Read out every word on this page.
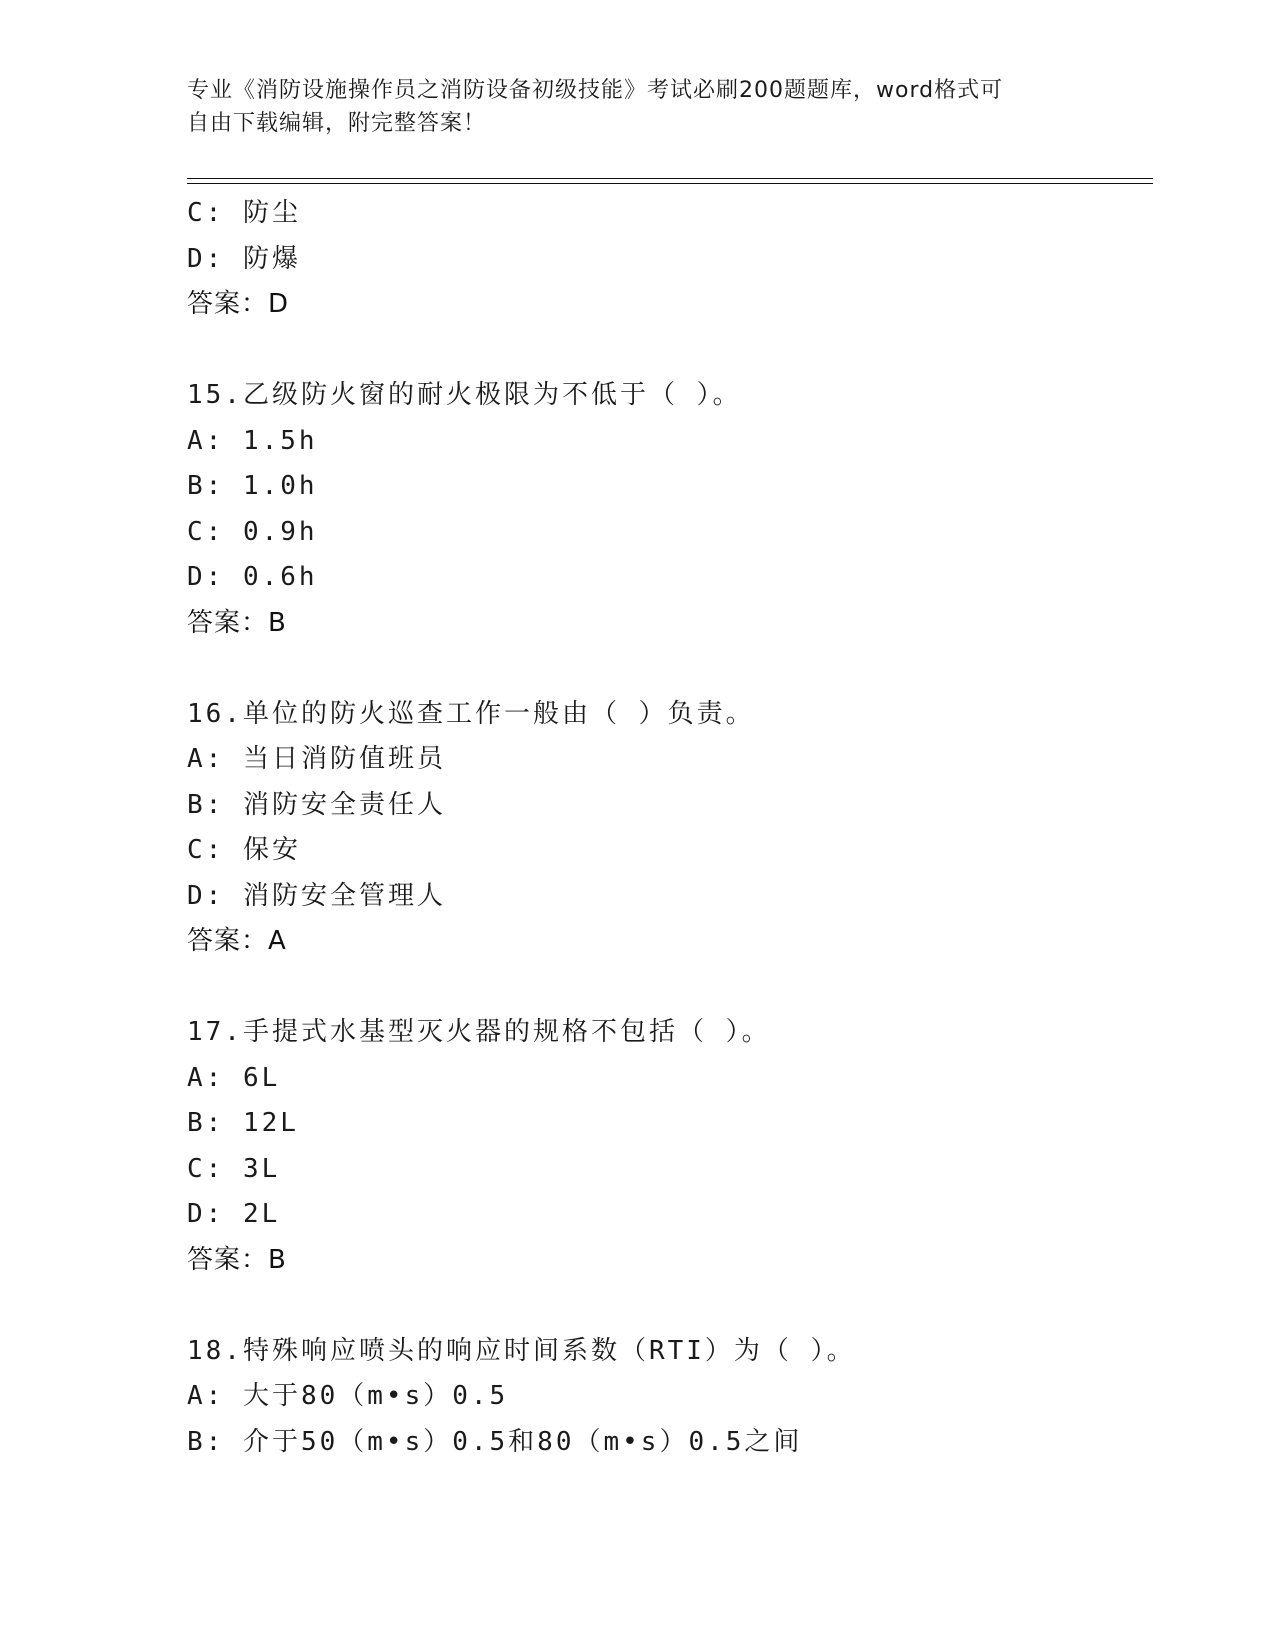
专业《消防设施操作员之消防设备初级技能》考试必刷200题题库，word格式可
自由下载编辑，附完整答案！
C: 防尘
D: 防爆
答案：D
15.乙级防火窗的耐火极限为不低于（ ）。
A: 1.5h
B: 1.0h
C: 0.9h
D: 0.6h
答案：B
16.单位的防火巡查工作一般由（ ）负责。
A: 当日消防值班员
B: 消防安全责任人
C: 保安
D: 消防安全管理人
答案：A
17.手提式水基型灭火器的规格不包括（ ）。
A: 6L
B: 12L
C: 3L
D: 2L
答案：B
18.特殊响应喷头的响应时间系数（RTI）为（ ）。
A: 大于80（m•s）0.5
B: 介于50（m•s）0.5和80（m•s）0.5之间
